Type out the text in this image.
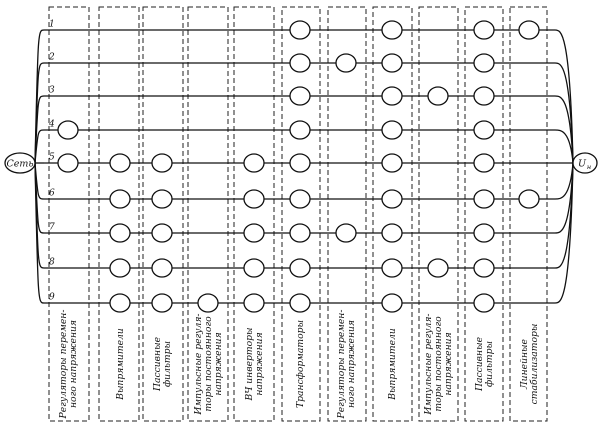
1
2
3
4
5
6
7
8
9
Регуляторы перемен- ного напряжения	Выпрямители	Пассивные фильтры Импульсные регуля- торы постоянного напряжения ВЧ инверторы напряжения	Трансформаторы	Регуляторы перемен- ного напряжения	Выпрямители	Импульсные регуля- торы постоянного напряжения Пассивные фильтры	Линейные стабилизаторы
Сеть	U н
